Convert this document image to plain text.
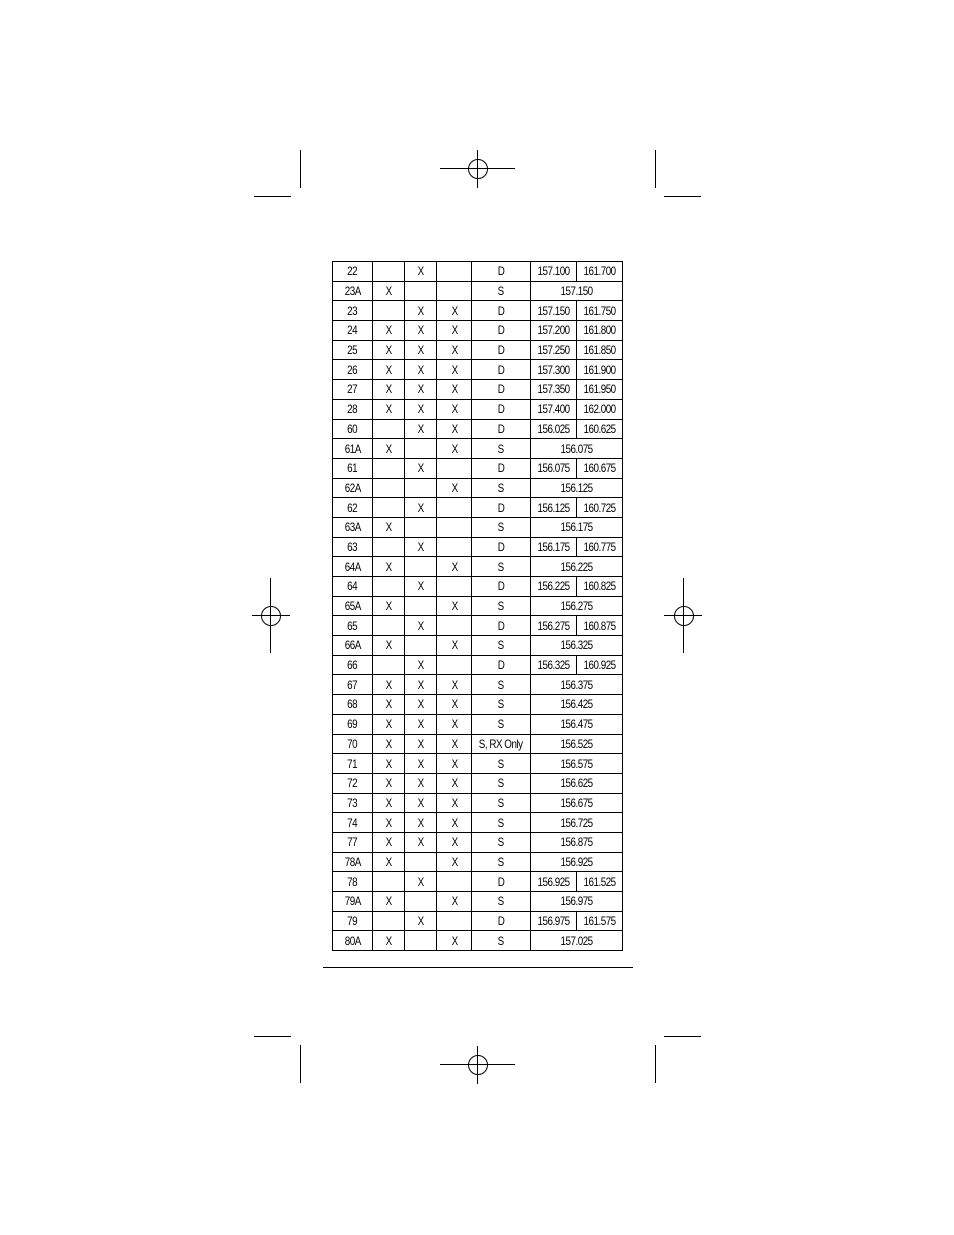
22		X		D	157.100	161.700
23A	X			S	157.150	
23		X	X	D	157.150	161.750
24	X	X	X	D	157.200	161.800
25	X	X	X	D	157.250	161.850
26	X	X	X	D	157.300	161.900
27	X	X	X	D	157.350	161.950
28	X	X	X	D	157.400	162.000
60		X	X	D	156.025	160.625
61A	X		X	S	156.075	
61		X		D	156.075	160.675
62A			X	S	156.125	
62		X		D	156.125	160.725
63A	X			S	156.175	
63		X		D	156.175	160.775
64A	X		X	S	156.225	
64		X		D	156.225	160.825
65A	X		X	S	156.275	
65		X		D	156.275	160.875
66A	X		X	S	156.325	
66		X		D	156.325	160.925
67	X	X	X	S	156.375	
68	X	X	X	S	156.425	
69	X	X	X	S	156.475	
70	X	X	X	S, RX Only	156.525	
71	X	X	X	S	156.575	
72	X	X	X	S	156.625	
73	X	X	X	S	156.675	
74	X	X	X	S	156.725	
77	X	X	X	S	156.875	
78A	X		X	S	156.925	
78		X		D	156.925	161.525
79A	X		X	S	156.975	
79		X		D	156.975	161.575
80A	X		X	S	157.025	
